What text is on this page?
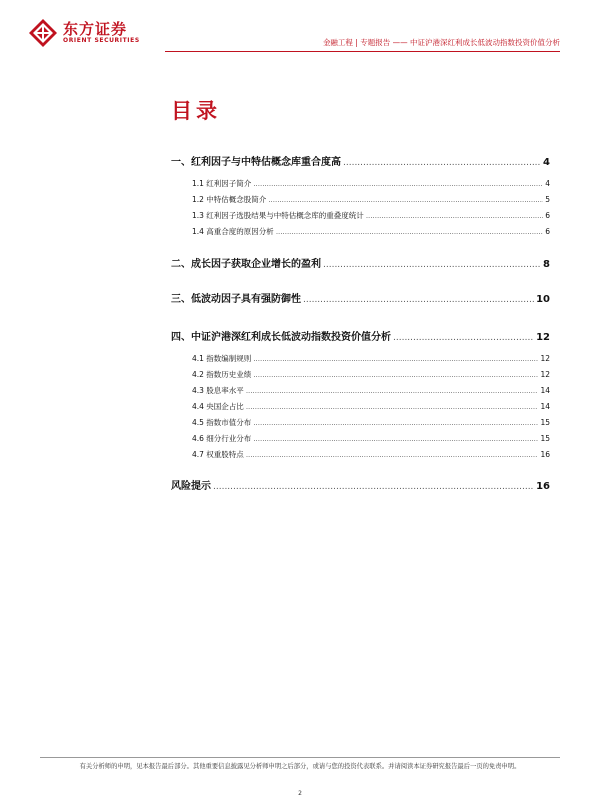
东方证券
ORIENT SECURITIES	金融工程 | 专题报告 —— 中证沪港深红利成长低波动指数投资价值分析
目录
一、红利因子与中特估概念库重合度高 .....	4
1.1 红利因子简介 .....	4
1.2 中特估概念股简介 .....	5
1.3 红利因子选股结果与中特估概念库的重叠度统计 .....	6
1.4 高重合度的原因分析 .....	6
二、成长因子获取企业增长的盈利 .....	8
三、低波动因子具有强防御性 .....	10
四、中证沪港深红利成长低波动指数投资价值分析 .....	12
4.1 指数编制规则 .....	12
4.2 指数历史业绩 .....	12
4.3 股息率水平 .....	14
4.4 央国企占比 .....	14
4.5 指数市值分布 .....	15
4.6 细分行业分布 .....	15
4.7 权重股特点 .....	16
风险提示 .....	16
有关分析师的申明，见本报告最后部分。其他重要信息披露见分析师申明之后部分，或请与您的投资代表联系。并请阅读本证券研究报告最后一页的免责申明。
2
